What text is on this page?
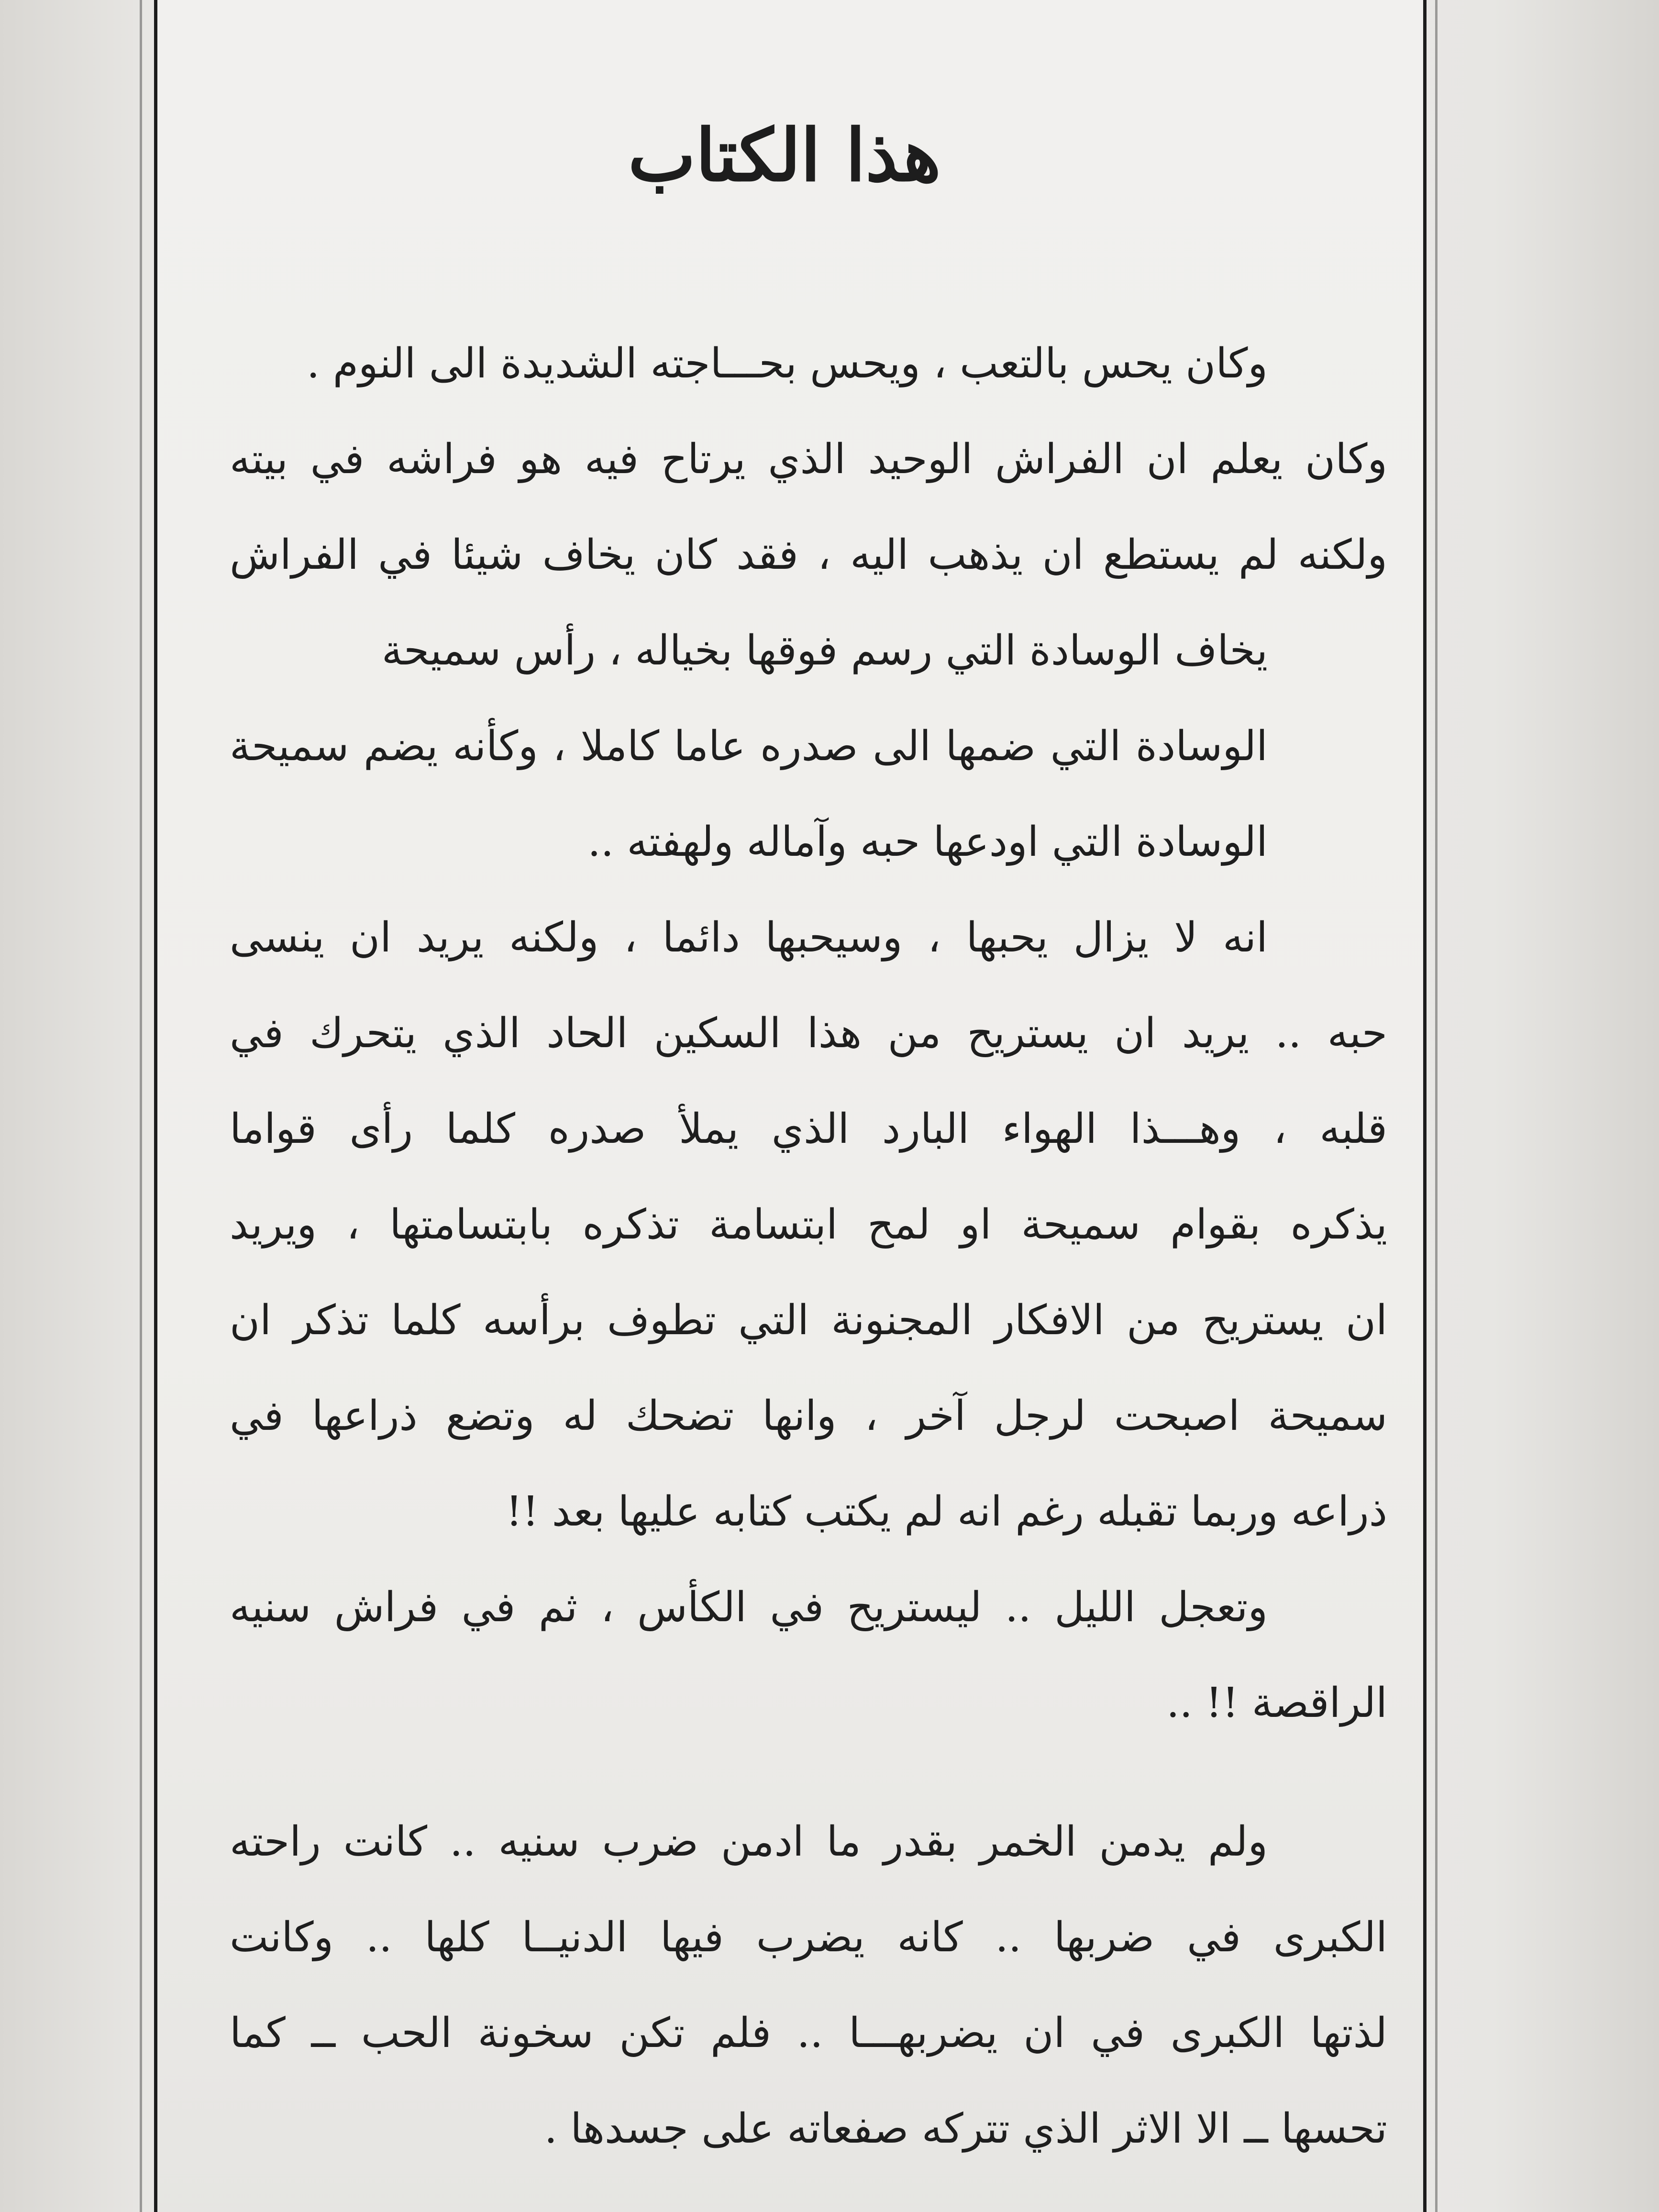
هذا الكتاب
وكان يحس بالتعب ، ويحس بحـــاجته الشديدة الى النوم .
وكان يعلم ان الفراش الوحيد الذي يرتاح فيه هو فراشه في بيته
ولكنه لم يستطع ان يذهب اليه ، فقد كان يخاف شيئا في الفراش
يخاف الوسادة التي رسم فوقها بخياله ، رأس سميحة
الوسادة التي ضمها الى صدره عاما كاملا ، وكأنه يضم سميحة
الوسادة التي اودعها حبه وآماله ولهفته ..
انه لا يزال يحبها ، وسيحبها دائما ، ولكنه يريد ان ينسى
حبه .. يريد ان يستريح من هذا السكين الحاد الذي يتحرك في
قلبه ، وهـــذا الهواء البارد الذي يملأ صدره كلما رأى قواما
يذكره بقوام سميحة او لمح ابتسامة تذكره بابتسامتها ، ويريد
ان يستريح من الافكار المجنونة التي تطوف برأسه كلما تذكر ان
سميحة اصبحت لرجل آخر ، وانها تضحك له وتضع ذراعها في
ذراعه وربما تقبله رغم انه لم يكتب كتابه عليها بعد !!
وتعجل الليل .. ليستريح في الكأس ، ثم في فراش سنيه
الراقصة !! ..
ولم يدمن الخمر بقدر ما ادمن ضرب سنيه .. كانت راحته
الكبرى في ضربها .. كانه يضرب فيها الدنيــا كلها .. وكانت
لذتها الكبرى في ان يضربهـــا .. فلم تكن سخونة الحب ــ كما
تحسها ــ الا الاثر الذي تتركه صفعاته على جسدها .
